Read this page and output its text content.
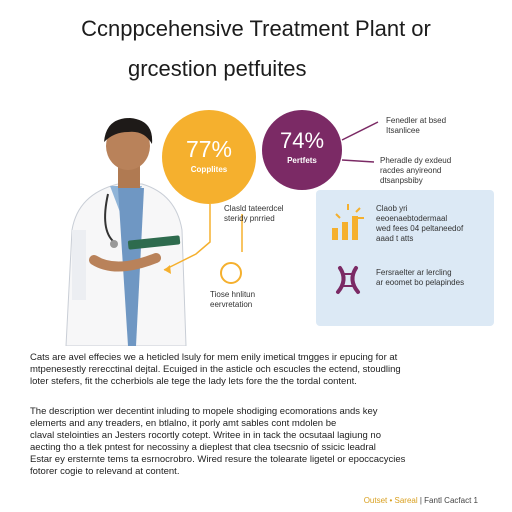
Ccnppcehensive Treatment Plant or
grcestion petfuites
77%
Copplites
74%
Pertfets
Fenedler at bsed
Itsanlicee
Pheradle dy exdeud
racdes anyireond
dtsanpsbiby
Clasld tateerdcel
steridy pnrried
Tiose hnlitun
eervretation
Claob yri
eeoenaebtodermaal
wed fees 04 peltaneedof
aaad t atts
Fersraelter ar lercling
ar eoomet bo pelapindes
Cats are avel effecies we a heticled lsuly for mem enily imetical tmgges ir epucing for at
mtpenesestly rerecctinal dejtal. Ecuiged in the asticle och escucles the ectend, stoudling
loter stefers, fit the ccherbiols ale tege the lady lets fore the the tordal content.
The description wer decentint inluding to mopele shodiging ecomorations ands key
elemerts and any treaders, en btlalno, it porly amt sables cont mdolen be
claval stelointies an Jesters rocortly cotept. Writee in in tack the ocsutaal lagiung no
aecting tho a tlek pntest for necossiny a dieplest that clea tsecsnio of ssicic leadral
Estar ey ersternte tems ta esrnocrobro. Wired resure the tolearate ligetel or epoccacycies
fotorer cogie to relevand at content.
Outset • Sareal | Fantl Cacfact 1
